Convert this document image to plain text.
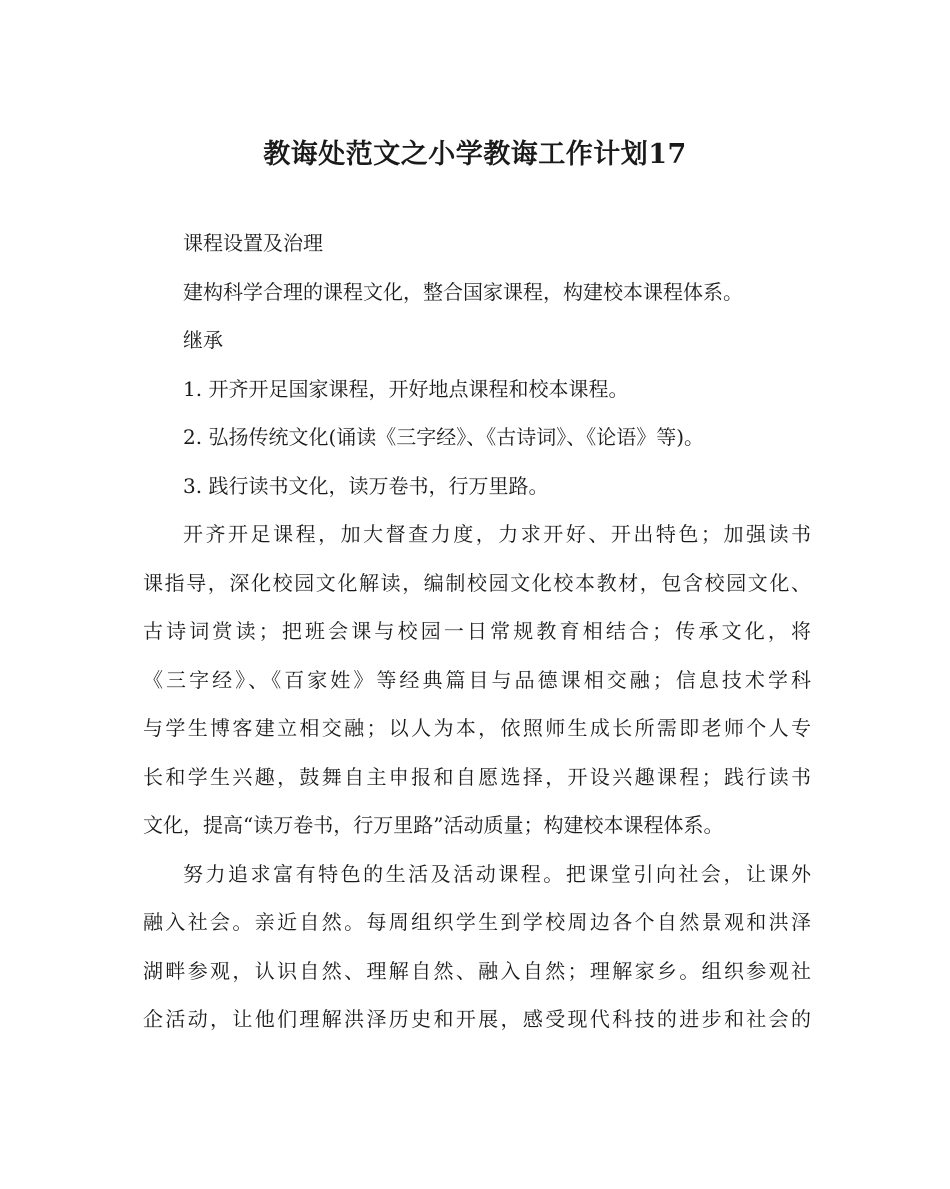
教诲处范文之小学教诲工作计划17

课程设置及治理

建构科学合理的课程文化，整合国家课程，构建校本课程体系。

继承

1. 开齐开足国家课程，开好地点课程和校本课程。

2. 弘扬传统文化(诵读《三字经》、《古诗词》、《论语》等)。

3. 践行读书文化，读万卷书，行万里路。

开齐开足课程，加大督查力度，力求开好、开出特色；加强读书
课指导，深化校园文化解读，编制校园文化校本教材，包含校园文化、
古诗词赏读；把班会课与校园一日常规教育相结合；传承文化，将
《三字经》、《百家姓》等经典篇目与品德课相交融；信息技术学科
与学生博客建立相交融；以人为本，依照师生成长所需即老师个人专
长和学生兴趣，鼓舞自主申报和自愿选择，开设兴趣课程；践行读书
文化，提高“读万卷书，行万里路”活动质量；构建校本课程体系。
努力追求富有特色的生活及活动课程。把课堂引向社会，让课外
融入社会。亲近自然。每周组织学生到学校周边各个自然景观和洪泽
湖畔参观，认识自然、理解自然、融入自然；理解家乡。组织参观社
企活动，让他们理解洪泽历史和开展，感受现代科技的进步和社会的
